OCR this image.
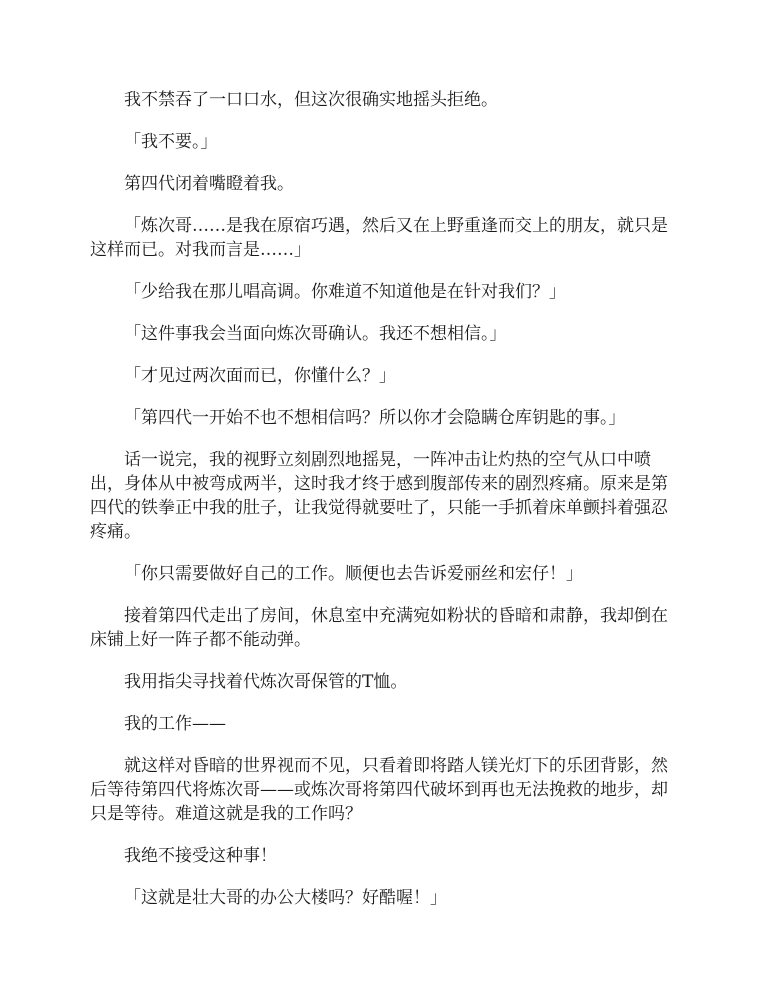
我不禁吞了一口口水，但这次很确实地摇头拒绝。

「我不要。」

第四代闭着嘴瞪着我。

「炼次哥……是我在原宿巧遇，然后又在上野重逢而交上的朋友，就只是这样而已。对我而言是……」

「少给我在那儿唱高调。你难道不知道他是在针对我们？」

「这件事我会当面向炼次哥确认。我还不想相信。」

「才见过两次面而已，你懂什么？」

「第四代一开始不也不想相信吗？所以你才会隐瞒仓库钥匙的事。」

话一说完，我的视野立刻剧烈地摇晃，一阵冲击让灼热的空气从口中喷出，身体从中被弯成两半，这时我才终于感到腹部传来的剧烈疼痛。原来是第四代的铁拳正中我的肚子，让我觉得就要吐了，只能一手抓着床单颤抖着强忍疼痛。

「你只需要做好自己的工作。顺便也去告诉爱丽丝和宏仔！」

接着第四代走出了房间，休息室中充满宛如粉状的昏暗和肃静，我却倒在床铺上好一阵子都不能动弹。

我用指尖寻找着代炼次哥保管的T恤。

我的工作——

就这样对昏暗的世界视而不见，只看着即将踏人镁光灯下的乐团背影，然后等待第四代将炼次哥——或炼次哥将第四代破坏到再也无法挽救的地步，却只是等待。难道这就是我的工作吗？

我绝不接受这种事！

「这就是壮大哥的办公大楼吗？好酷喔！」
